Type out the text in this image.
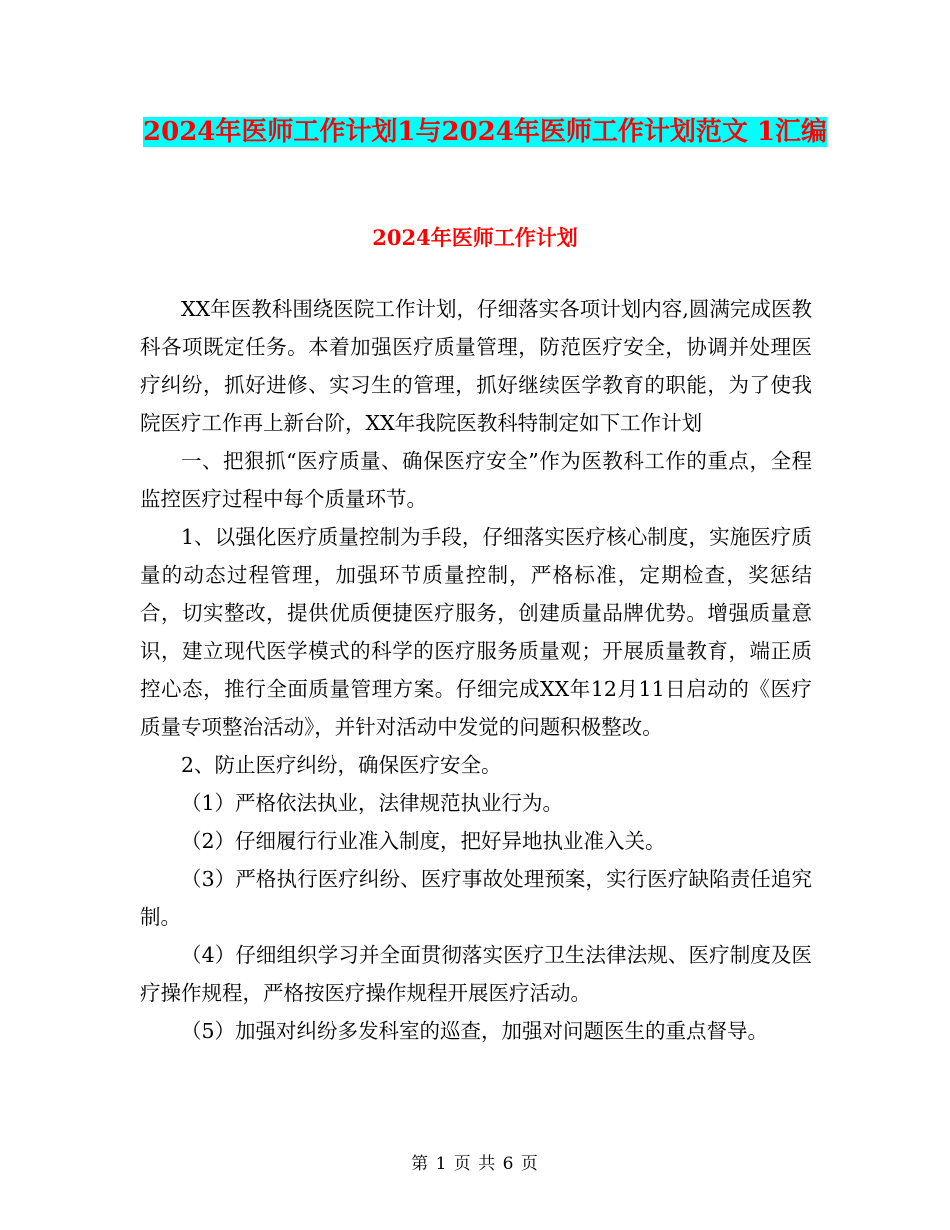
2024年医师工作计划1与2024年医师工作计划范文 1汇编
2024年医师工作计划

XX年医教科围绕医院工作计划，仔细落实各项计划内容,圆满完成医教科各项既定任务。本着加强医疗质量管理，防范医疗安全，协调并处理医疗纠纷，抓好进修、实习生的管理，抓好继续医学教育的职能，为了使我院医疗工作再上新台阶，XX年我院医教科特制定如下工作计划

一、把狠抓“医疗质量、确保医疗安全”作为医教科工作的重点，全程监控医疗过程中每个质量环节。

1、以强化医疗质量控制为手段，仔细落实医疗核心制度，实施医疗质量的动态过程管理，加强环节质量控制，严格标准，定期检查，奖惩结合，切实整改，提供优质便捷医疗服务，创建质量品牌优势。增强质量意识，建立现代医学模式的科学的医疗服务质量观；开展质量教育，端正质控心态，推行全面质量管理方案。仔细完成XX年12月11日启动的《医疗质量专项整治活动》，并针对活动中发觉的问题积极整改。

2、防止医疗纠纷，确保医疗安全。

（1）严格依法执业，法律规范执业行为。

（2）仔细履行行业准入制度，把好异地执业准入关。

（3）严格执行医疗纠纷、医疗事故处理预案，实行医疗缺陷责任追究制。

（4）仔细组织学习并全面贯彻落实医疗卫生法律法规、医疗制度及医疗操作规程，严格按医疗操作规程开展医疗活动。

（5）加强对纠纷多发科室的巡查，加强对问题医生的重点督导。

第 1 页 共 6 页
